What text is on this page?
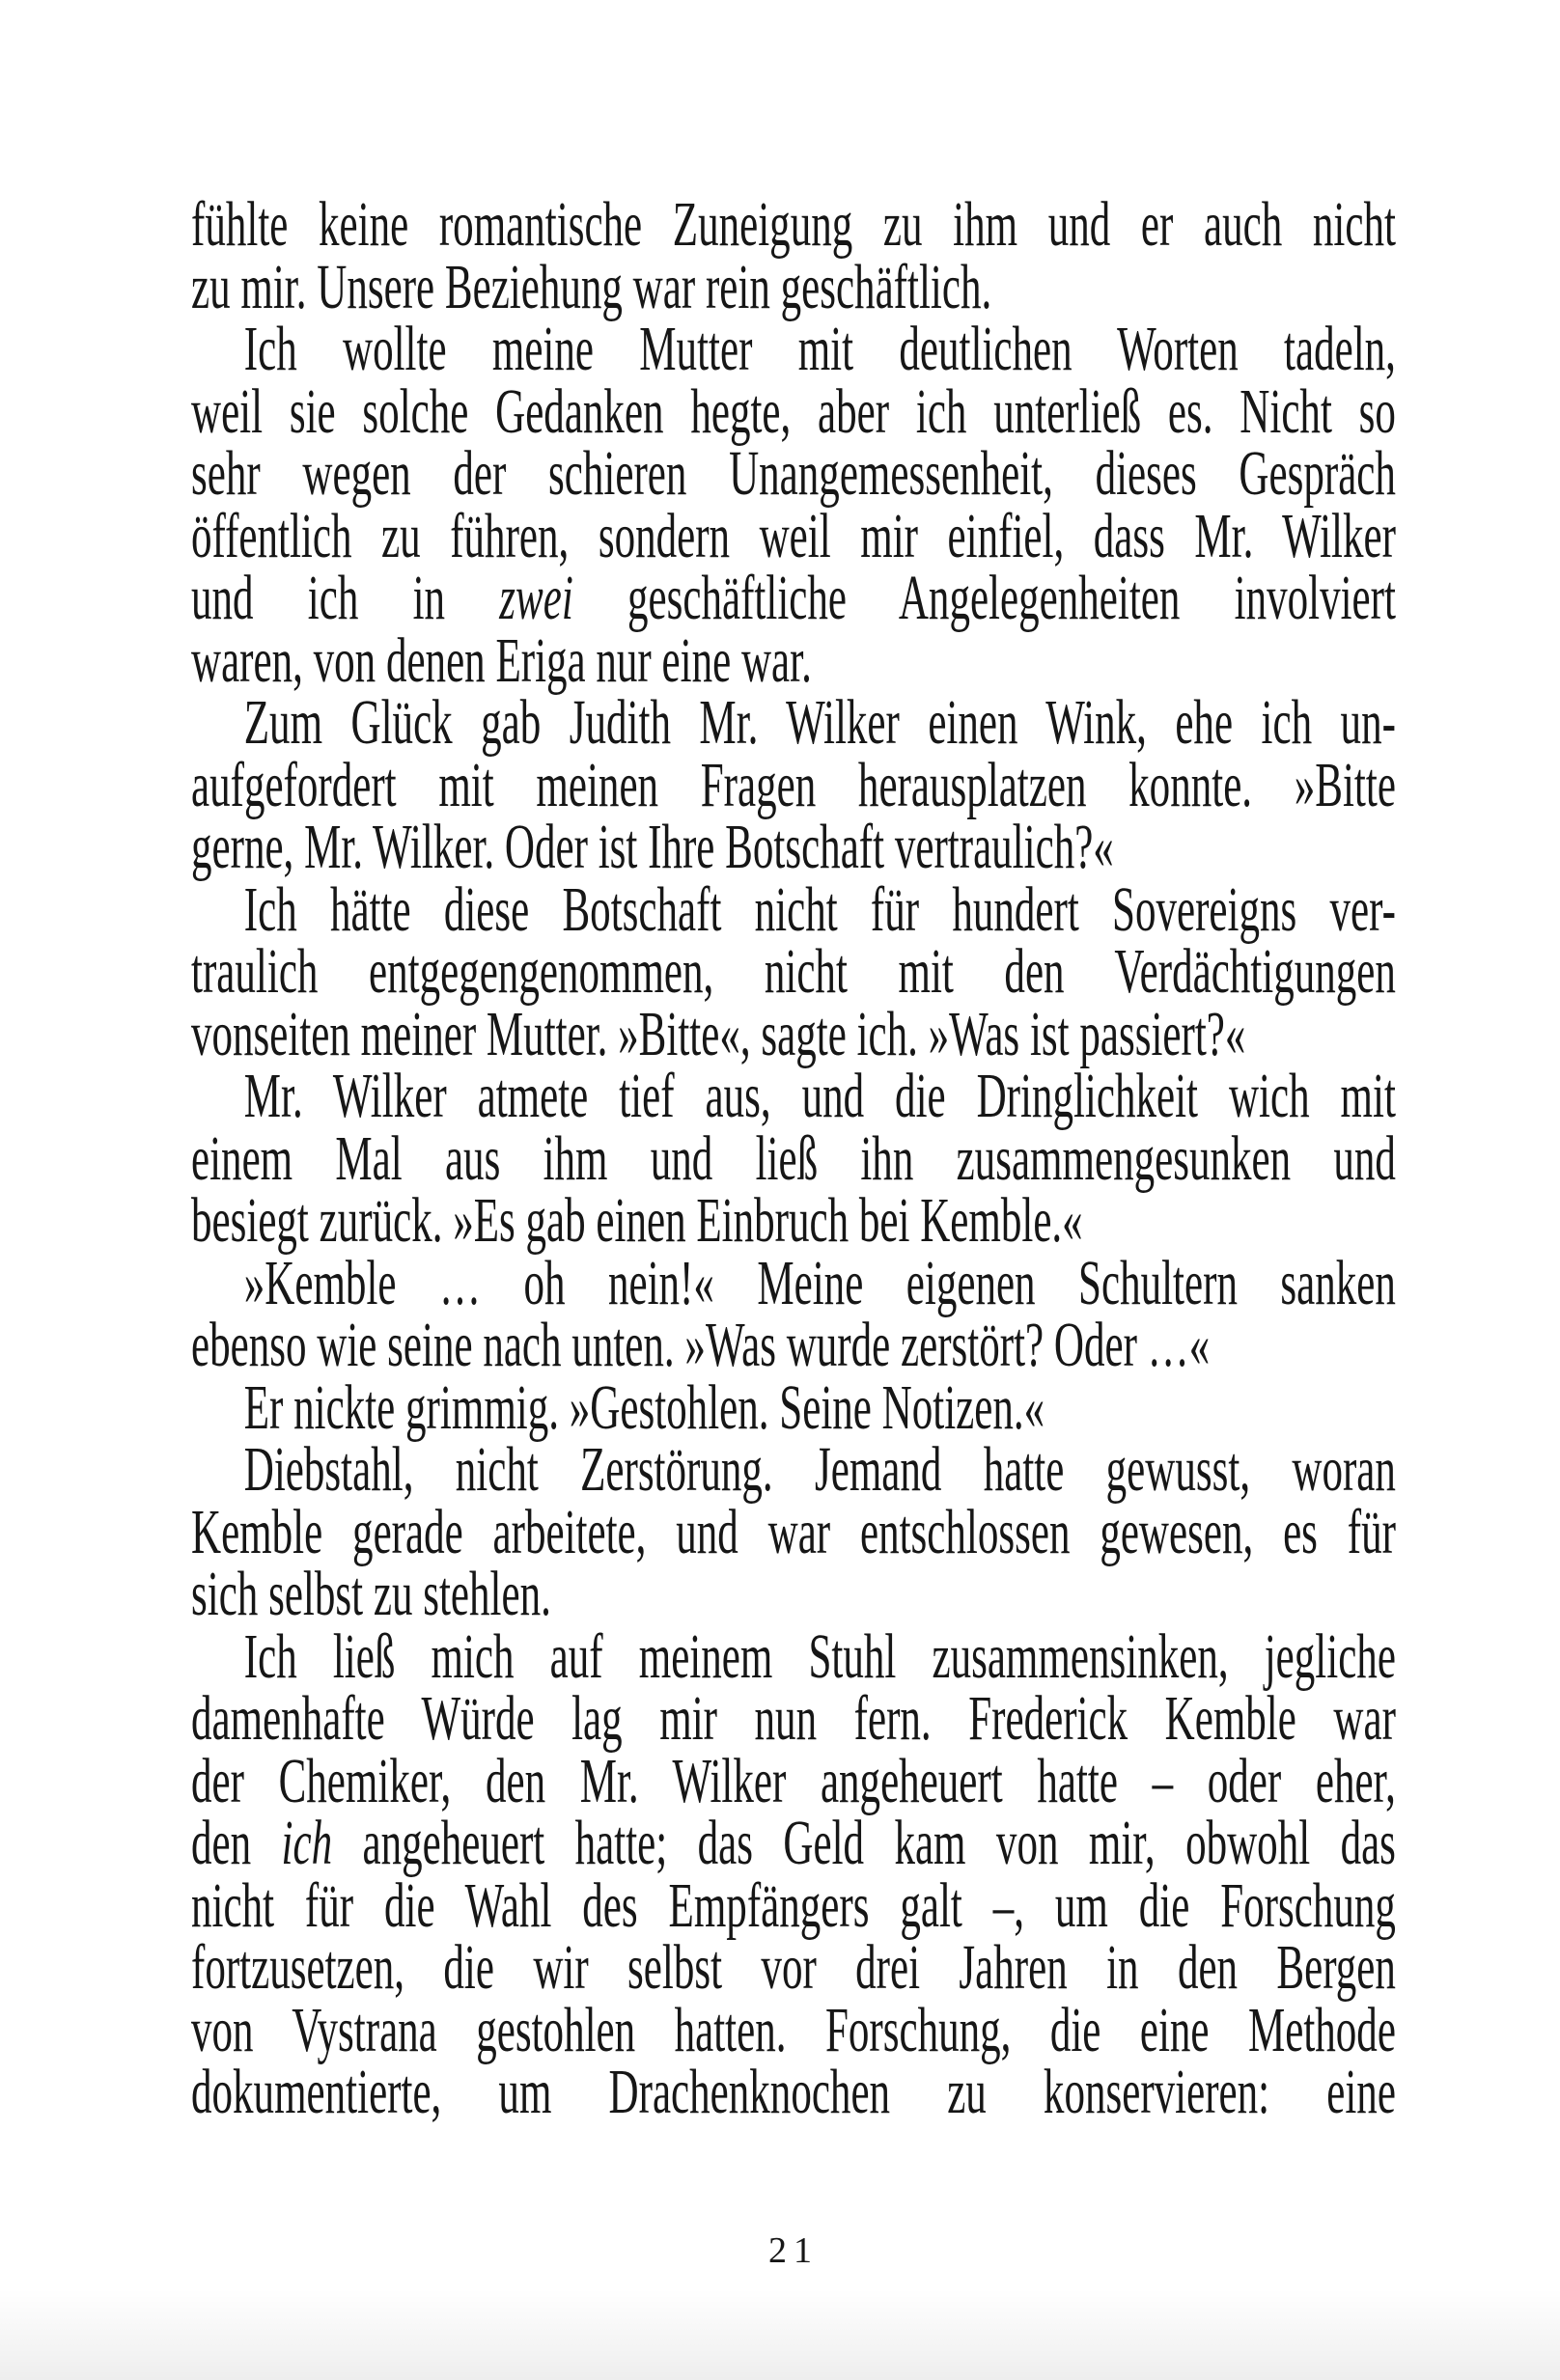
fühlte keine romantische Zuneigung zu ihm und er auch nicht
zu mir. Unsere Beziehung war rein geschäftlich.
Ich wollte meine Mutter mit deutlichen Worten tadeln,
weil sie solche Gedanken hegte, aber ich unterließ es. Nicht so
sehr wegen der schieren Unangemessenheit, dieses Gespräch
öffentlich zu führen, sondern weil mir einfiel, dass Mr. Wilker
und ich in zwei geschäftliche Angelegenheiten involviert
waren, von denen Eriga nur eine war.
Zum Glück gab Judith Mr. Wilker einen Wink, ehe ich un-
aufgefordert mit meinen Fragen herausplatzen konnte. »Bitte
gerne, Mr. Wilker. Oder ist Ihre Botschaft vertraulich?«
Ich hätte diese Botschaft nicht für hundert Sovereigns ver-
traulich entgegengenommen, nicht mit den Verdächtigungen
vonseiten meiner Mutter. »Bitte«, sagte ich. »Was ist passiert?«
Mr. Wilker atmete tief aus, und die Dringlichkeit wich mit
einem Mal aus ihm und ließ ihn zusammengesunken und
besiegt zurück. »Es gab einen Einbruch bei Kemble.«
»Kemble … oh nein!« Meine eigenen Schultern sanken
ebenso wie seine nach unten. »Was wurde zerstört? Oder …«
Er nickte grimmig. »Gestohlen. Seine Notizen.«
Diebstahl, nicht Zerstörung. Jemand hatte gewusst, woran
Kemble gerade arbeitete, und war entschlossen gewesen, es für
sich selbst zu stehlen.
Ich ließ mich auf meinem Stuhl zusammensinken, jegliche
damenhafte Würde lag mir nun fern. Frederick Kemble war
der Chemiker, den Mr. Wilker angeheuert hatte – oder eher,
den ich angeheuert hatte; das Geld kam von mir, obwohl das
nicht für die Wahl des Empfängers galt –, um die Forschung
fortzusetzen, die wir selbst vor drei Jahren in den Bergen
von Vystrana gestohlen hatten. Forschung, die eine Methode
dokumentierte, um Drachenknochen zu konservieren: eine
21
